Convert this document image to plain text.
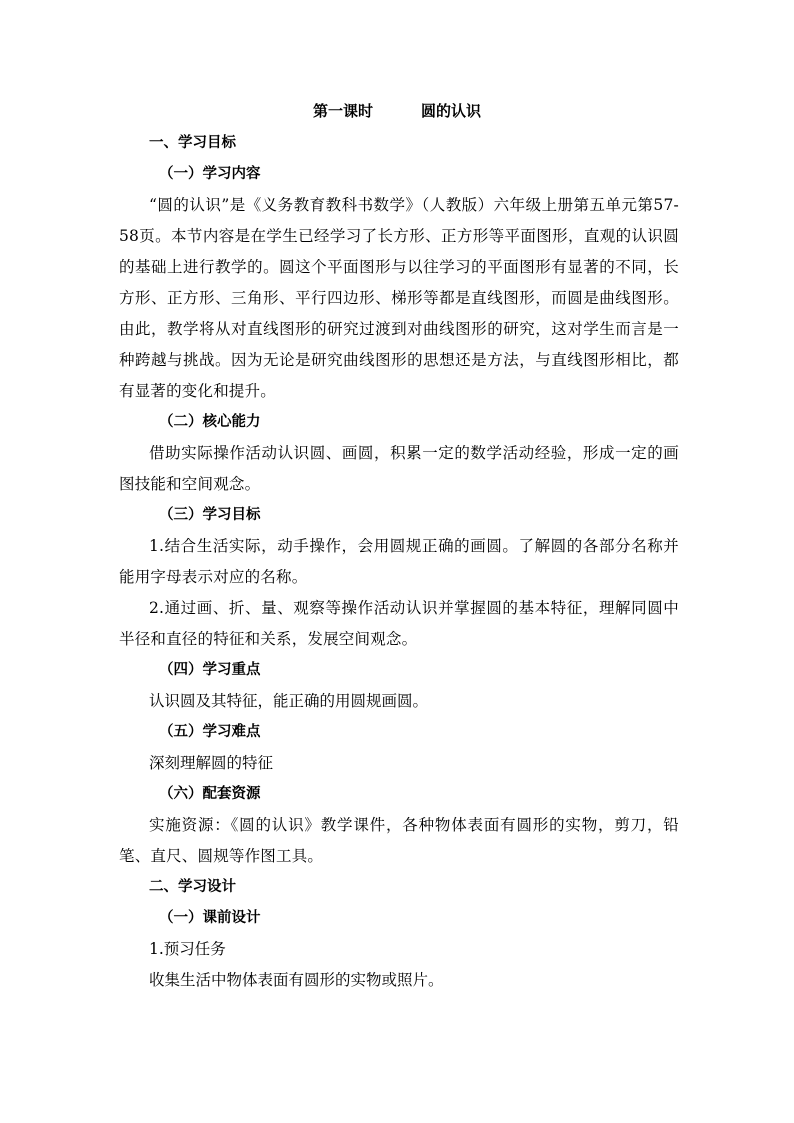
第一课时	圆的认识
一、学习目标
（一）学习内容

“圆的认识”是《义务教育教科书数学》（人教版）六年级上册第五单元第57-58页。本节内容是在学生已经学习了长方形、正方形等平面图形，直观的认识圆的基础上进行教学的。圆这个平面图形与以往学习的平面图形有显著的不同，长方形、正方形、三角形、平行四边形、梯形等都是直线图形，而圆是曲线图形。由此，教学将从对直线图形的研究过渡到对曲线图形的研究，这对学生而言是一种跨越与挑战。因为无论是研究曲线图形的思想还是方法，与直线图形相比，都有显著的变化和提升。

（二）核心能力

借助实际操作活动认识圆、画圆，积累一定的数学活动经验，形成一定的画图技能和空间观念。

（三）学习目标

1.结合生活实际，动手操作，会用圆规正确的画圆。了解圆的各部分名称并能用字母表示对应的名称。

2.通过画、折、量、观察等操作活动认识并掌握圆的基本特征，理解同圆中半径和直径的特征和关系，发展空间观念。

（四）学习重点
认识圆及其特征，能正确的用圆规画圆。
（五）学习难点
深刻理解圆的特征
（六）配套资源

实施资源：《圆的认识》教学课件，各种物体表面有圆形的实物，剪刀，铅笔、直尺、圆规等作图工具。

二、学习设计
（一）课前设计
1.预习任务
收集生活中物体表面有圆形的实物或照片。
